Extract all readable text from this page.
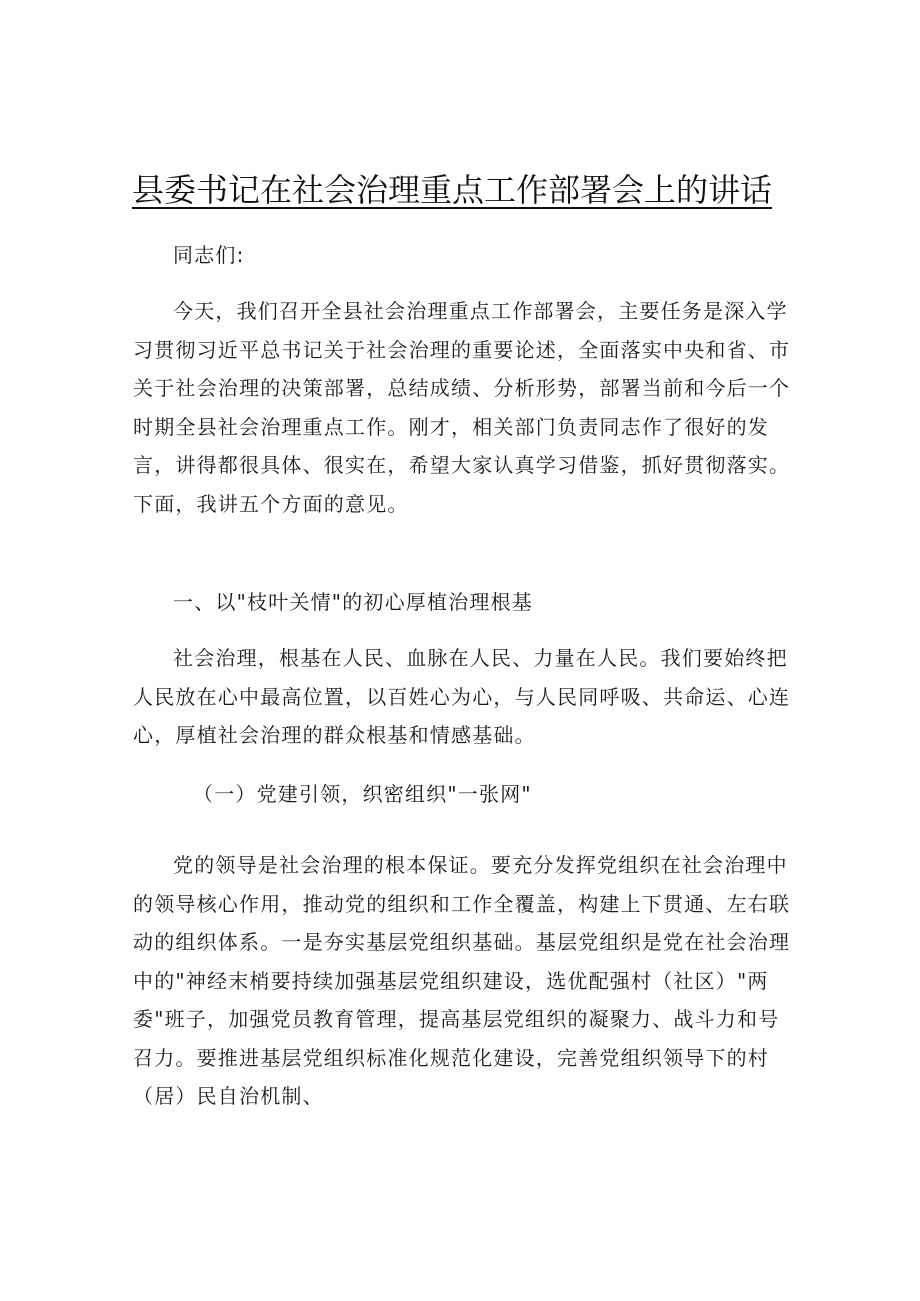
县委书记在社会治理重点工作部署会上的讲话

同志们:

今天，我们召开全县社会治理重点工作部署会，主要任务是深入学习贯彻习近平总书记关于社会治理的重要论述，全面落实中央和省、市关于社会治理的决策部署，总结成绩、分析形势，部署当前和今后一个时期全县社会治理重点工作。刚才，相关部门负责同志作了很好的发言，讲得都很具体、很实在，希望大家认真学习借鉴，抓好贯彻落实。下面，我讲五个方面的意见。

一、以"枝叶关情"的初心厚植治理根基

社会治理，根基在人民、血脉在人民、力量在人民。我们要始终把人民放在心中最高位置，以百姓心为心，与人民同呼吸、共命运、心连心，厚植社会治理的群众根基和情感基础。

（一）党建引领，织密组织"一张网"

党的领导是社会治理的根本保证。要充分发挥党组织在社会治理中的领导核心作用，推动党的组织和工作全覆盖，构建上下贯通、左右联动的组织体系。一是夯实基层党组织基础。基层党组织是党在社会治理中的"神经末梢要持续加强基层党组织建设，选优配强村（社区）"两委"班子，加强党员教育管理，提高基层党组织的凝聚力、战斗力和号召力。要推进基层党组织标准化规范化建设，完善党组织领导下的村（居）民自治机制、
